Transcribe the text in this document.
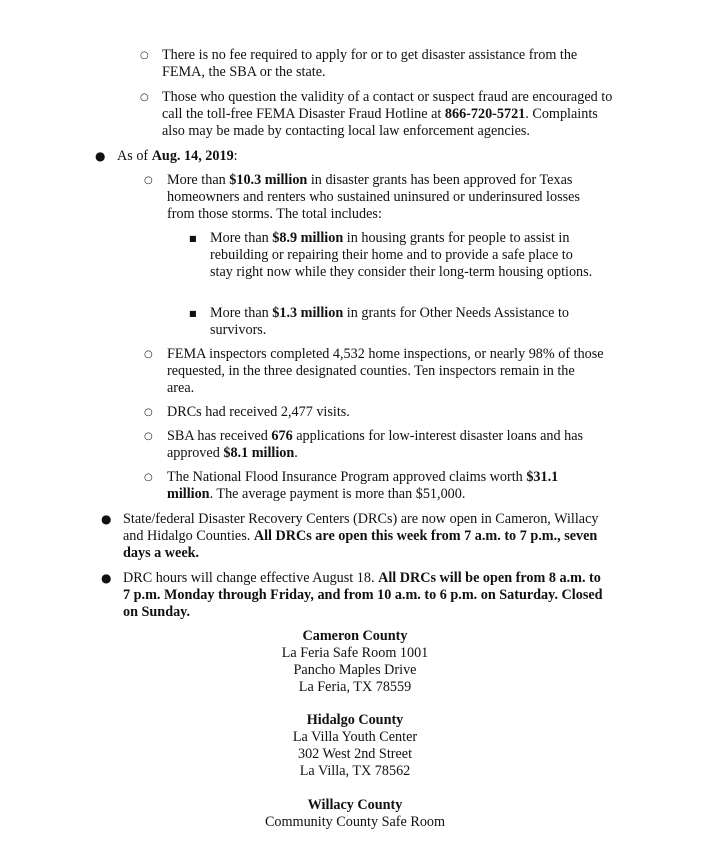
○ There is no fee required to apply for or to get disaster assistance from the FEMA, the SBA or the state.
○ Those who question the validity of a contact or suspect fraud are encouraged to call the toll-free FEMA Disaster Fraud Hotline at 866-720-5721. Complaints also may be made by contacting local law enforcement agencies.
● As of Aug. 14, 2019:
○ More than $10.3 million in disaster grants has been approved for Texas homeowners and renters who sustained uninsured or underinsured losses from those storms. The total includes:
■ More than $8.9 million in housing grants for people to assist in rebuilding or repairing their home and to provide a safe place to stay right now while they consider their long-term housing options.
■ More than $1.3 million in grants for Other Needs Assistance to survivors.
○ FEMA inspectors completed 4,532 home inspections, or nearly 98% of those requested, in the three designated counties. Ten inspectors remain in the area.
○ DRCs had received 2,477 visits.
○ SBA has received 676 applications for low-interest disaster loans and has approved $8.1 million.
○ The National Flood Insurance Program approved claims worth $31.1 million. The average payment is more than $51,000.
● State/federal Disaster Recovery Centers (DRCs) are now open in Cameron, Willacy and Hidalgo Counties. All DRCs are open this week from 7 a.m. to 7 p.m., seven days a week.
● DRC hours will change effective August 18. All DRCs will be open from 8 a.m. to 7 p.m. Monday through Friday, and from 10 a.m. to 6 p.m. on Saturday. Closed on Sunday.
Cameron County
La Feria Safe Room 1001
Pancho Maples Drive
La Feria, TX 78559
Hidalgo County
La Villa Youth Center
302 West 2nd Street
La Villa, TX 78562
Willacy County
Community County Safe Room
